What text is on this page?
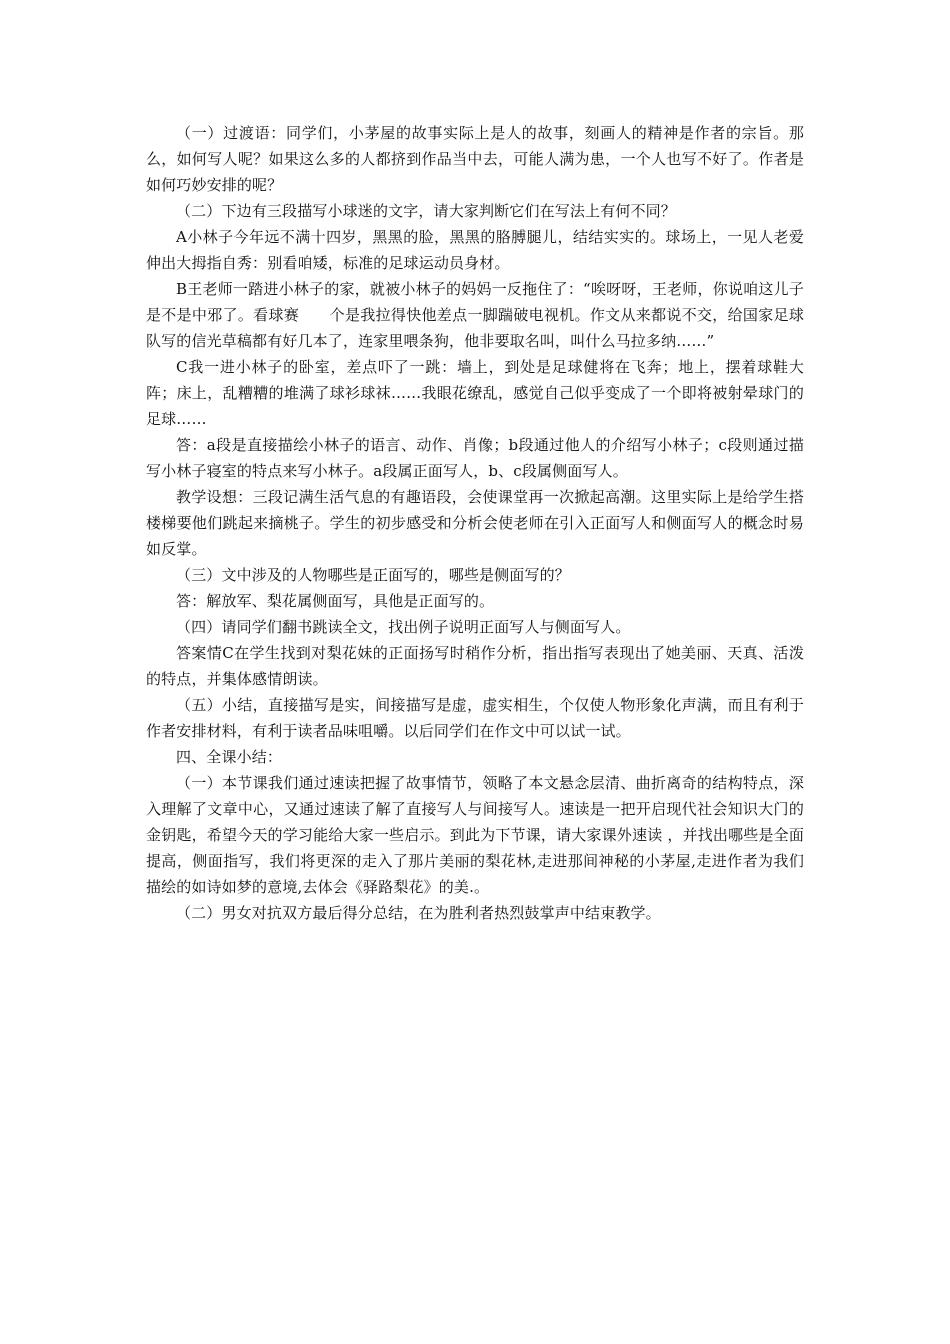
（一）过渡语：同学们，小茅屋的故事实际上是人的故事，刻画人的精神是作者的宗旨。那么，如何写人呢？如果这么多的人都挤到作品当中去，可能人满为患，一个人也写不好了。作者是如何巧妙安排的呢？

（二）下边有三段描写小球迷的文字，请大家判断它们在写法上有何不同？

A小林子今年远不满十四岁，黑黑的脸，黑黑的胳膊腿儿，结结实实的。球场上，一见人老爱伸出大拇指自秀：别看咱矮，标准的足球运动员身材。

B王老师一踏进小林子的家，就被小林子的妈妈一反拖住了：“唉呀呀，王老师，你说咱这儿子是不是中邪了。看球赛　　个是我拉得快他差点一脚踹破电视机。作文从来都说不交，给国家足球队写的信光草稿都有好几本了，连家里喂条狗，他非要取名叫，叫什么马拉多纳……”

C我一进小林子的卧室，差点吓了一跳：墙上，到处是足球健将在飞奔；地上，摆着球鞋大阵；床上，乱糟糟的堆满了球衫球袜……我眼花缭乱，感觉自己似乎变成了一个即将被射晕球门的足球……

答：a段是直接描绘小林子的语言、动作、肖像；b段通过他人的介绍写小林子；c段则通过描写小林子寝室的特点来写小林子。a段属正面写人，b、c段属侧面写人。

教学设想：三段记满生活气息的有趣语段，会使课堂再一次掀起高潮。这里实际上是给学生搭楼梯要他们跳起来摘桃子。学生的初步感受和分析会使老师在引入正面写人和侧面写人的概念时易如反掌。

（三）文中涉及的人物哪些是正面写的，哪些是侧面写的？

答：解放军、梨花属侧面写，具他是正面写的。

（四）请同学们翻书跳读全文，找出例子说明正面写人与侧面写人。

答案情C在学生找到对梨花妹的正面扬写时稍作分析，指出指写表现出了她美丽、天真、活泼的特点，并集体感情朗读。

（五）小结，直接描写是实，间接描写是虚，虚实相生，个仅使人物形象化声满，而且有利于作者安排材料，有利于读者品味咀嚼。以后同学们在作文中可以试一试。

四、全课小结：

（一）本节课我们通过速读把握了故事情节，领略了本文悬念层清、曲折离奇的结构特点，深入理解了文章中心，又通过速读了解了直接写人与间接写人。速读是一把开启现代社会知识大门的金钥匙，希望今天的学习能给大家一些启示。到此为下节课，请大家课外速读 ，并找出哪些是全面提高，侧面指写，我们将更深的走入了那片美丽的梨花林,走进那间神秘的小茅屋,走进作者为我们描绘的如诗如梦的意境,去体会《驿路梨花》的美.。

（二）男女对抗双方最后得分总结，在为胜利者热烈鼓掌声中结束教学。
